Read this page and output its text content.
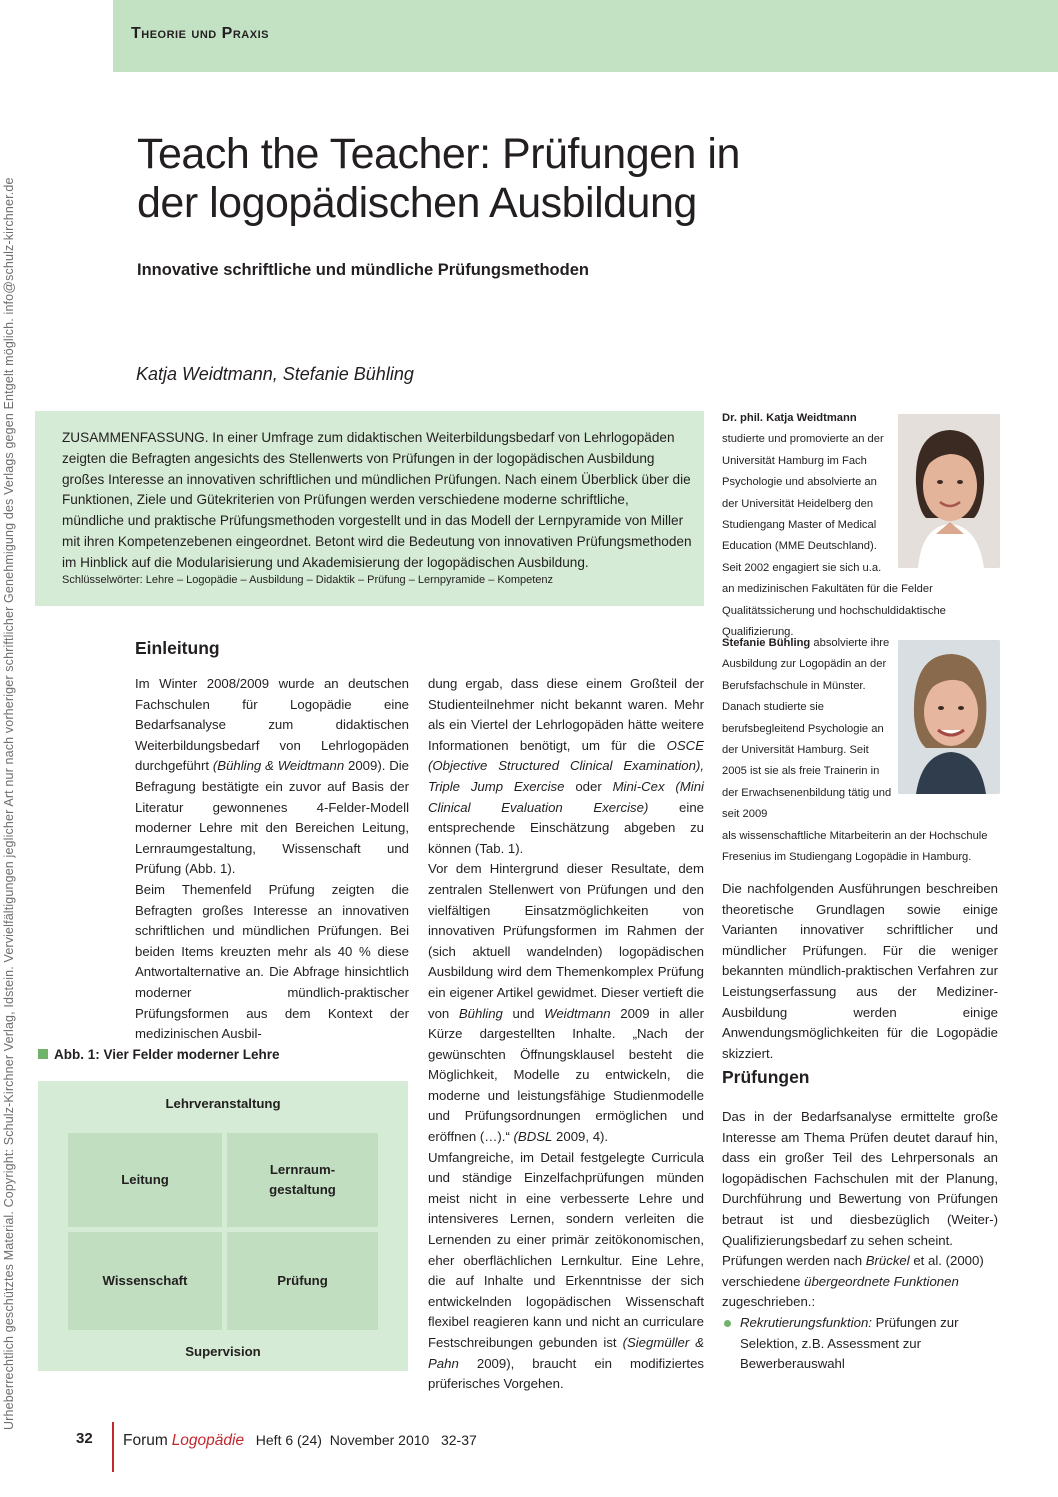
Theorie und Praxis
Urheberrechtlich geschütztes Material. Copyright: Schulz-Kirchner Verlag, Idstein. Vervielfältigungen jeglicher Art nur nach vorheriger schriftlicher Genehmigung des Verlags gegen Entgelt möglich. info@schulz-kirchner.de
Teach the Teacher: Prüfungen in
der logopädischen Ausbildung
Innovative schriftliche und mündliche Prüfungsmethoden
Katja Weidtmann, Stefanie Bühling
ZUSAMMENFASSUNG. In einer Umfrage zum didaktischen Weiterbildungsbedarf von Lehrlogopäden zeigten die Befragten angesichts des Stellenwerts von Prüfungen in der logopädischen Ausbildung großes Interesse an innovativen schriftlichen und mündlichen Prüfungen. Nach einem Überblick über die Funktionen, Ziele und Gütekriterien von Prüfungen werden verschiedene moderne schriftliche, mündliche und praktische Prüfungsmethoden vorgestellt und in das Modell der Lernpyramide von Miller mit ihren Kompetenzebenen eingeordnet. Betont wird die Bedeutung von innovativen Prüfungsmethoden im Hinblick auf die Modularisierung und Akademisierung der logopädischen Ausbildung.
Schlüsselwörter: Lehre – Logopädie – Ausbildung – Didaktik – Prüfung – Lernpyramide – Kompetenz
Dr. phil. Katja Weidtmann
studierte und promovierte an der Universität Hamburg im Fach Psychologie und absolvierte an der Universität Heidelberg den Studiengang Master of Medical Education (MME Deutschland). Seit 2002 engagiert sie sich u.a.
an medizinischen Fakultäten für die Felder Qualitätssicherung und hochschuldidaktische Qualifizierung.
Stefanie Bühling absolvierte ihre Ausbildung zur Logopädin an der Berufsfachschule in Münster. Danach studierte sie berufsbegleitend Psychologie an der Universität Hamburg. Seit 2005 ist sie als freie Trainerin in der Erwachsenenbildung tätig und seit 2009
als wissenschaftliche Mitarbeiterin an der Hochschule Fresenius im Studiengang Logopädie in Hamburg.
Einleitung

Im Winter 2008/2009 wurde an deutschen Fachschulen für Logopädie eine Bedarfsanalyse zum didaktischen Weiterbildungsbedarf von Lehrlogopäden durchgeführt (Bühling & Weidtmann 2009). Die Befragung bestätigte ein zuvor auf Basis der Literatur gewonnenes 4-Felder-Modell moderner Lehre mit den Bereichen Leitung, Lernraumgestaltung, Wissenschaft und Prüfung (Abb. 1).

Beim Themenfeld Prüfung zeigten die Befragten großes Interesse an innovativen schriftlichen und mündlichen Prüfungen. Bei beiden Items kreuzten mehr als 40 % diese Antwortalternative an. Die Abfrage hinsichtlich moderner mündlich-praktischer Prüfungsformen aus dem Kontext der medizinischen Ausbil-

dung ergab, dass diese einem Großteil der Studienteilnehmer nicht bekannt waren. Mehr als ein Viertel der Lehrlogopäden hätte weitere Informationen benötigt, um für die OSCE (Objective Structured Clinical Examination), Triple Jump Exercise oder Mini-Cex (Mini Clinical Evaluation Exercise) eine entsprechende Einschätzung abgeben zu können (Tab. 1).

Vor dem Hintergrund dieser Resultate, dem zentralen Stellenwert von Prüfungen und den vielfältigen Einsatzmöglichkeiten von innovativen Prüfungsformen im Rahmen der (sich aktuell wandelnden) logopädischen Ausbildung wird dem Themenkomplex Prüfung ein eigener Artikel gewidmet. Dieser vertieft die von Bühling und Weidtmann 2009 in aller Kürze dargestellten Inhalte. „Nach der gewünschten Öffnungsklausel besteht die Möglichkeit, Modelle zu entwickeln, die moderne und leistungsfähige Studienmodelle und Prüfungsordnungen ermöglichen und eröffnen (…).“ (BDSL 2009, 4).

Umfangreiche, im Detail festgelegte Curricula und ständige Einzelfachprüfungen münden meist nicht in eine verbesserte Lehre und intensiveres Lernen, sondern verleiten die Lernenden zu einer primär zeitökonomischen, eher oberflächlichen Lernkultur. Eine Lehre, die auf Inhalte und Erkenntnisse der sich entwickelnden logopädischen Wissenschaft flexibel reagieren kann und nicht an curriculare Festschreibungen gebunden ist (Siegmüller & Pahn 2009), braucht ein modifiziertes prüferisches Vorgehen.

Die nachfolgenden Ausführungen beschreiben theoretische Grundlagen sowie einige Varianten innovativer schriftlicher und mündlicher Prüfungen. Für die weniger bekannten mündlich-praktischen Verfahren zur Leistungserfassung aus der Mediziner-Ausbildung werden einige Anwendungsmöglichkeiten für die Logopädie skizziert.

Prüfungen

Das in der Bedarfsanalyse ermittelte große Interesse am Thema Prüfen deutet darauf hin, dass ein großer Teil des Lehrpersonals an logopädischen Fachschulen mit der Planung, Durchführung und Bewertung von Prüfungen betraut ist und diesbezüglich (Weiter-) Qualifizierungsbedarf zu sehen scheint.

Prüfungen werden nach Brückel et al. (2000) verschiedene übergeordnete Funktionen zugeschrieben.:

Rekrutierungsfunktion: Prüfungen zur Selektion, z.B. Assessment zur Bewerberauswahl

Abb. 1: Vier Felder moderner Lehre
Lehrveranstaltung
Leitung
Lernraum-
gestaltung
Wissenschaft	Prüfung
Supervision
32 Forum Logopädie Heft 6 (24)  November 2010   32-37
